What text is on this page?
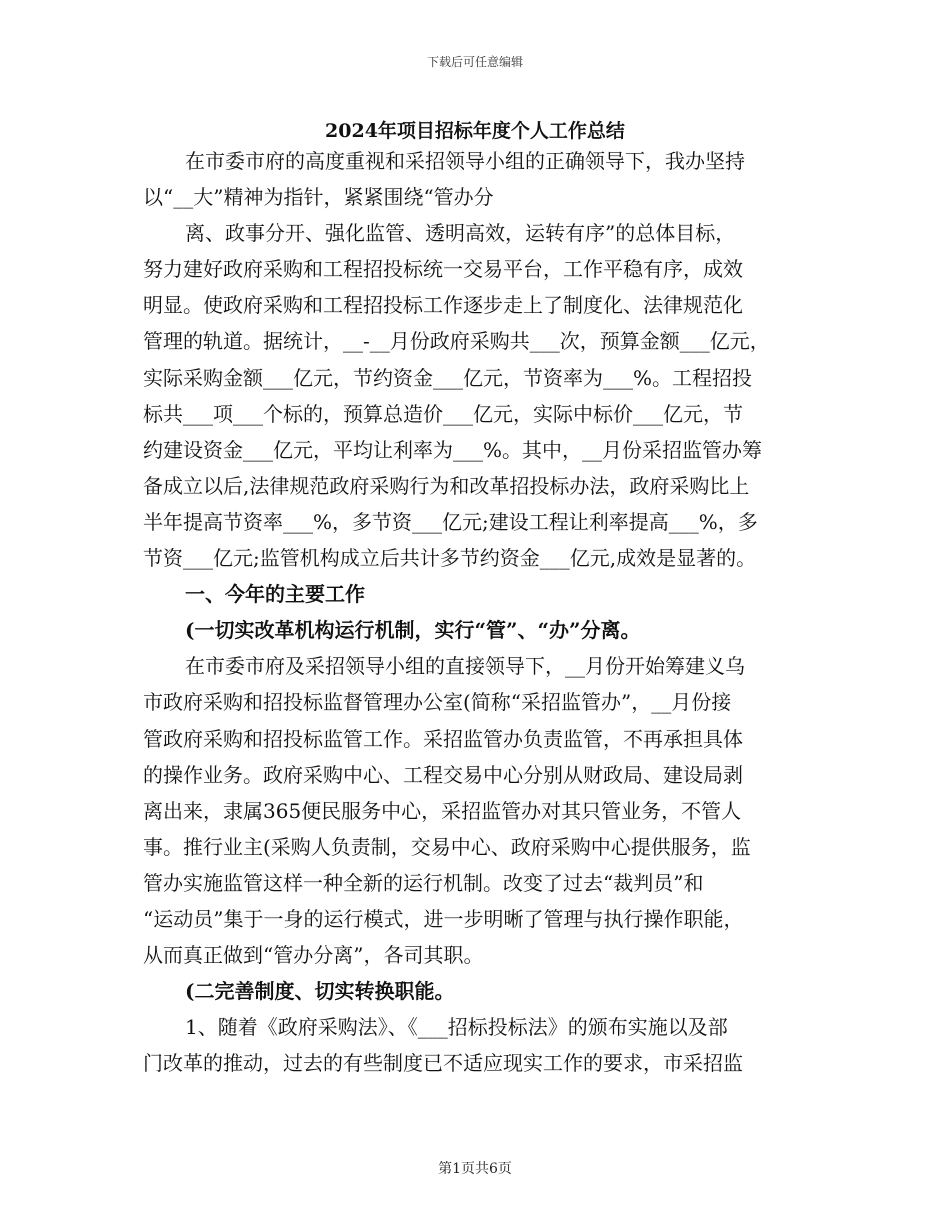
下载后可任意编辑
2024年项目招标年度个人工作总结
在市委市府的高度重视和采招领导小组的正确领导下，我办坚持
以“__大”精神为指针，紧紧围绕“管办分
离、政事分开、强化监管、透明高效，运转有序”的总体目标，
努力建好政府采购和工程招投标统一交易平台，工作平稳有序，成效
明显。使政府采购和工程招投标工作逐步走上了制度化、法律规范化
管理的轨道。据统计，__-__月份政府采购共___次，预算金额___亿元，
实际采购金额___亿元，节约资金___亿元，节资率为___%。工程招投
标共___项___个标的，预算总造价___亿元，实际中标价___亿元，节
约建设资金___亿元，平均让利率为___%。其中，__月份采招监管办筹
备成立以后,法律规范政府采购行为和改革招投标办法，政府采购比上
半年提高节资率___%，多节资___亿元;建设工程让利率提高___%，多
节资___亿元;监管机构成立后共计多节约资金___亿元,成效是显著的。
一、今年的主要工作
(一切实改革机构运行机制，实行“管”、“办”分离。
在市委市府及采招领导小组的直接领导下，__月份开始筹建义乌
市政府采购和招投标监督管理办公室(简称“采招监管办”，__月份接
管政府采购和招投标监管工作。采招监管办负责监管，不再承担具体
的操作业务。政府采购中心、工程交易中心分别从财政局、建设局剥
离出来，隶属365便民服务中心，采招监管办对其只管业务，不管人
事。推行业主(采购人负责制，交易中心、政府采购中心提供服务，监
管办实施监管这样一种全新的运行机制。改变了过去“裁判员”和
“运动员”集于一身的运行模式，进一步明晰了管理与执行操作职能，
从而真正做到“管办分离”，各司其职。
(二完善制度、切实转换职能。
1、随着《政府采购法》、《___招标投标法》的颁布实施以及部
门改革的推动，过去的有些制度已不适应现实工作的要求，市采招监
第1页共6页
